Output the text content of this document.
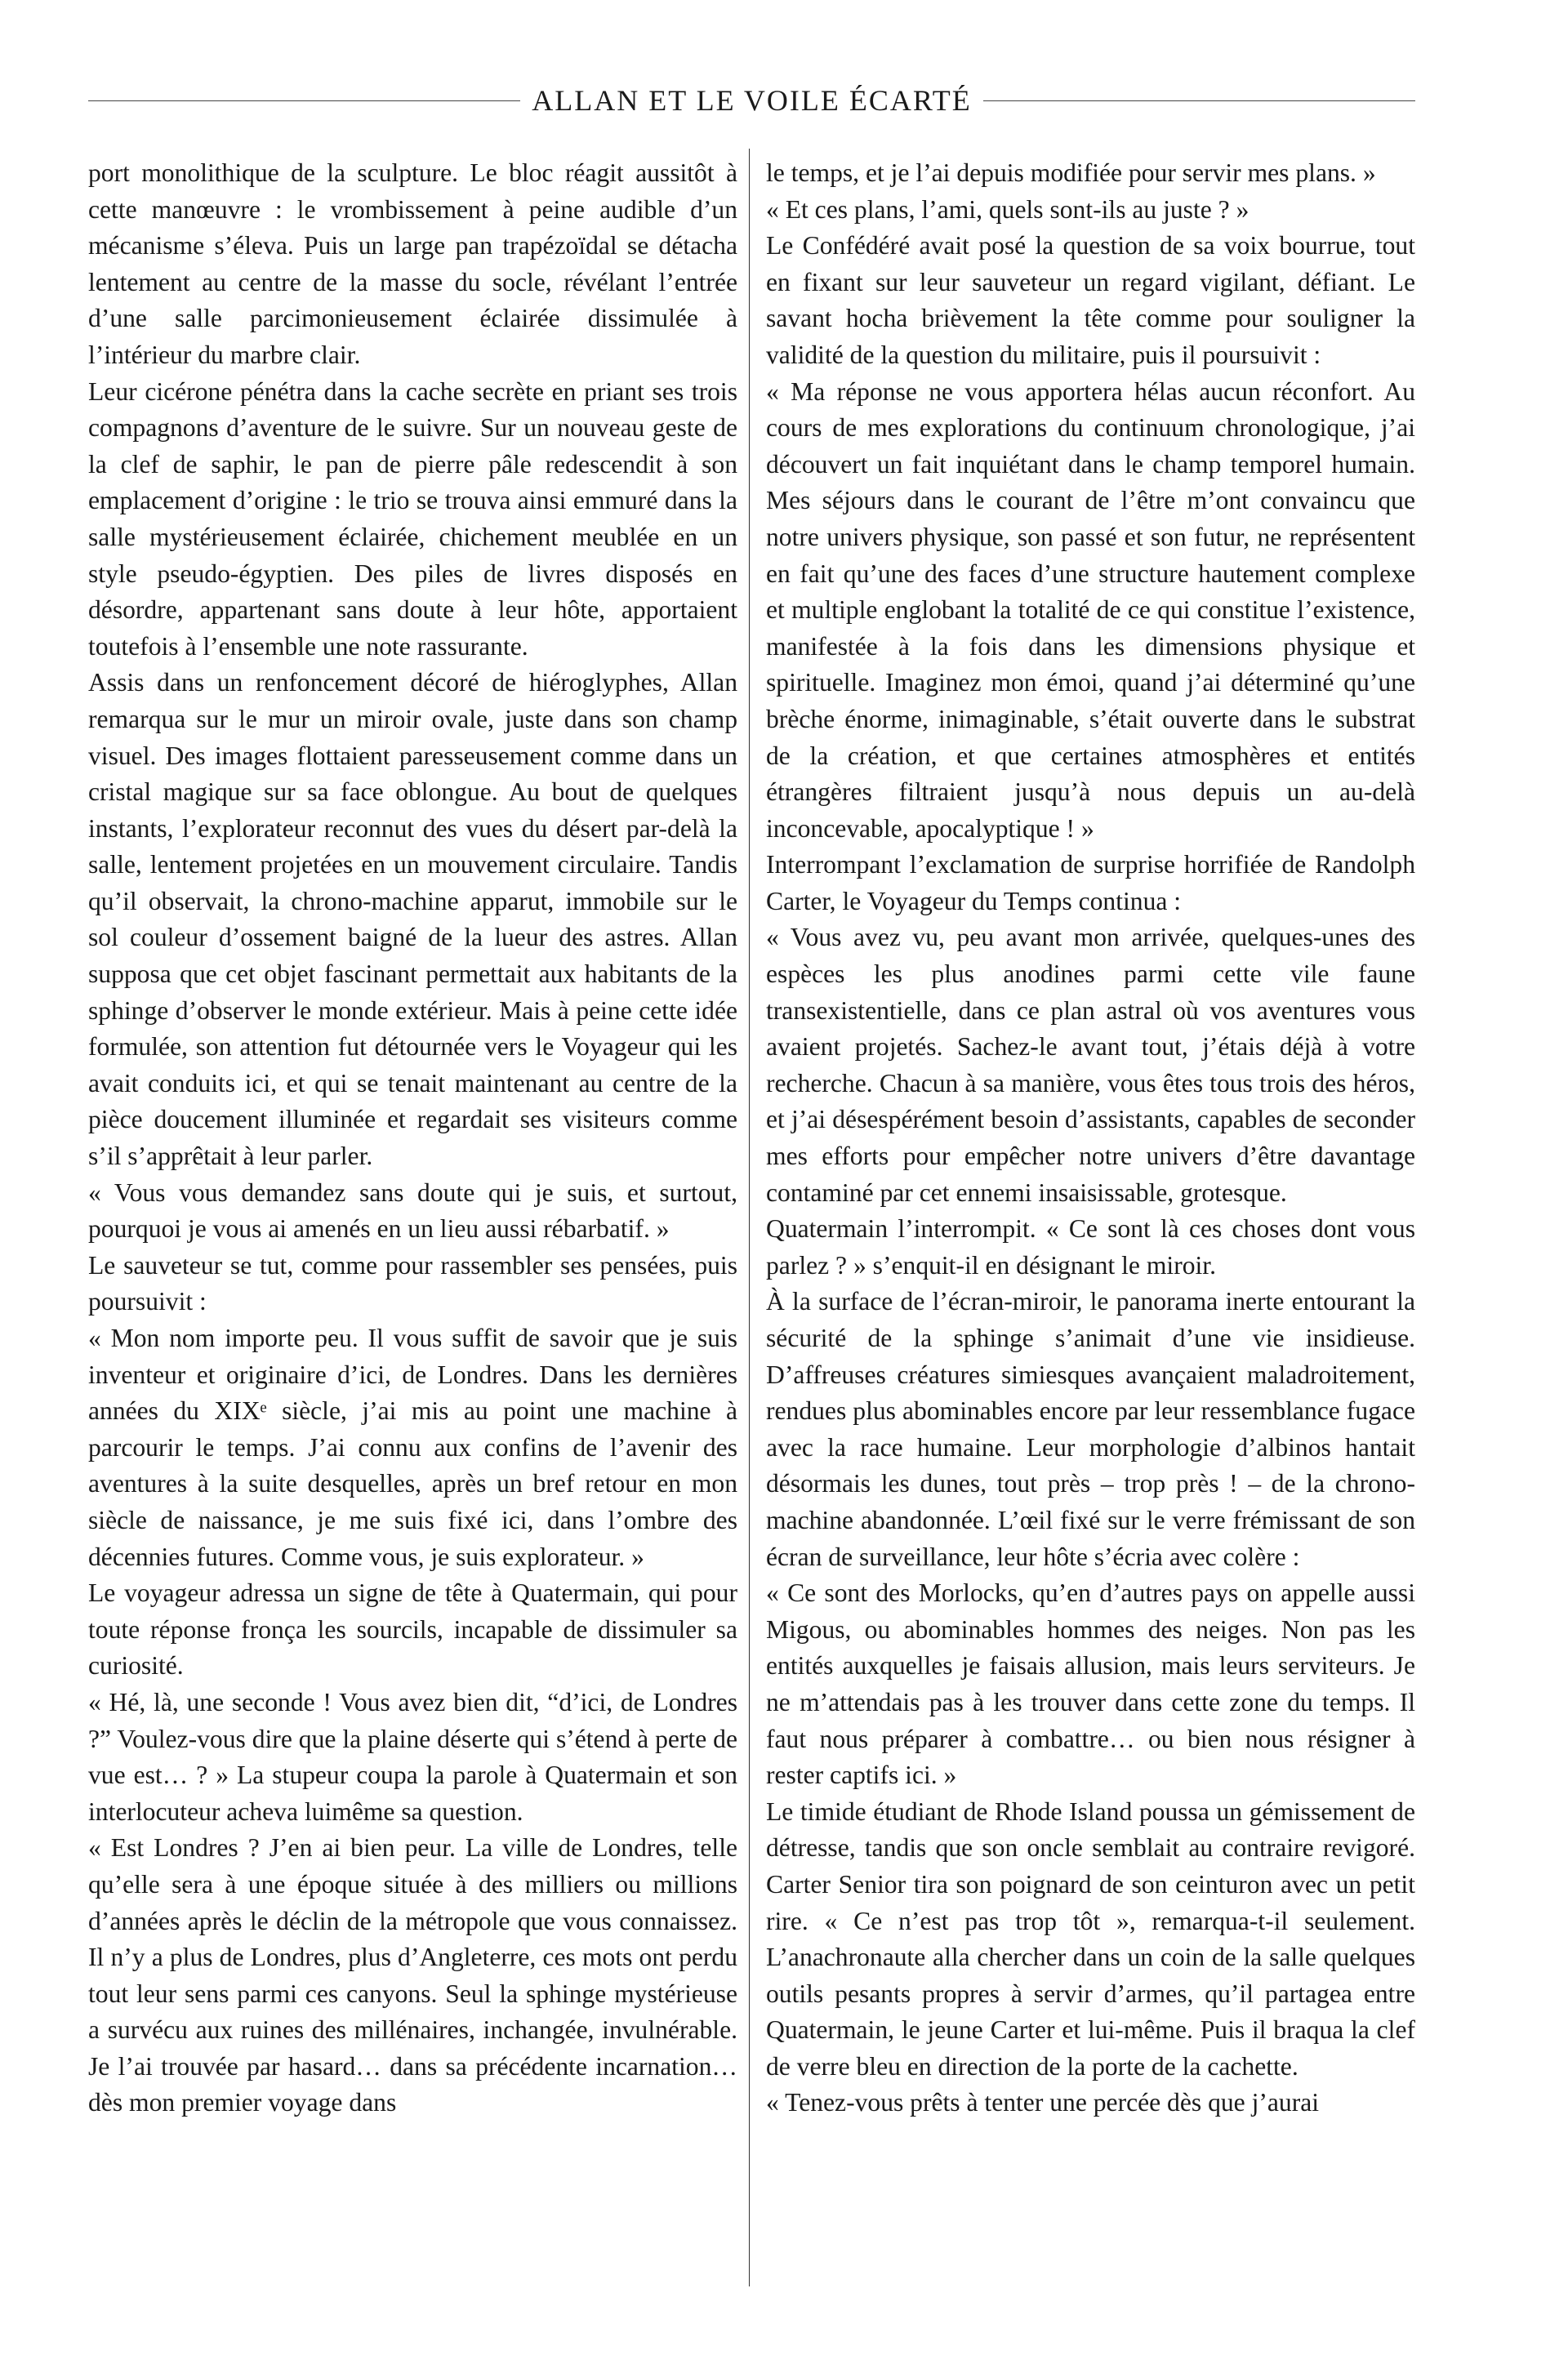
ALLAN ET LE VOILE ÉCARTÉ

port monolithique de la sculpture. Le bloc réagit aussitôt à cette manœuvre : le vrombissement à peine audible d’un mécanisme s’éleva. Puis un large pan trapézoïdal se détacha lentement au centre de la masse du socle, révélant l’entrée d’une salle parcimonieusement éclairée dissimulée à l’intérieur du marbre clair.

Leur cicérone pénétra dans la cache secrète en priant ses trois compagnons d’aventure de le suivre. Sur un nouveau geste de la clef de saphir, le pan de pierre pâle redescendit à son emplacement d’origine : le trio se trouva ainsi emmuré dans la salle mystérieusement éclairée, chichement meublée en un style pseudo-égyptien. Des piles de livres disposés en désordre, appartenant sans doute à leur hôte, apportaient toutefois à l’ensemble une note rassurante.

Assis dans un renfoncement décoré de hiéroglyphes, Allan remarqua sur le mur un miroir ovale, juste dans son champ visuel. Des images flottaient paresseusement comme dans un cristal magique sur sa face oblongue. Au bout de quelques instants, l’explorateur reconnut des vues du désert par-delà la salle, lentement projetées en un mouvement circulaire. Tandis qu’il observait, la chrono-machine apparut, immobile sur le sol couleur d’ossement baigné de la lueur des astres. Allan supposa que cet objet fascinant permettait aux habitants de la sphinge d’observer le monde extérieur. Mais à peine cette idée formulée, son attention fut détournée vers le Voyageur qui les avait conduits ici, et qui se tenait maintenant au centre de la pièce doucement illuminée et regardait ses visiteurs comme s’il s’apprêtait à leur parler.

« Vous vous demandez sans doute qui je suis, et surtout, pourquoi je vous ai amenés en un lieu aussi rébarbatif. »

Le sauveteur se tut, comme pour rassembler ses pensées, puis poursuivit :

« Mon nom importe peu. Il vous suffit de savoir que je suis inventeur et originaire d’ici, de Londres. Dans les dernières années du XIXᵉ siècle, j’ai mis au point une machine à parcourir le temps. J’ai connu aux confins de l’avenir des aventures à la suite desquelles, après un bref retour en mon siècle de naissance, je me suis fixé ici, dans l’ombre des décennies futures. Comme vous, je suis explorateur. »

Le voyageur adressa un signe de tête à Quatermain, qui pour toute réponse fronça les sourcils, incapable de dissimuler sa curiosité.

« Hé, là, une seconde ! Vous avez bien dit, “d’ici, de Londres ?” Voulez-vous dire que la plaine déserte qui s’étend à perte de vue est… ? » La stupeur coupa la parole à Quatermain et son interlocuteur acheva luimême sa question.

« Est Londres ? J’en ai bien peur. La ville de Londres, telle qu’elle sera à une époque située à des milliers ou millions d’années après le déclin de la métropole que vous connaissez. Il n’y a plus de Londres, plus d’Angleterre, ces mots ont perdu tout leur sens parmi ces canyons. Seul la sphinge mystérieuse a survécu aux ruines des millénaires, inchangée, invulnérable. Je l’ai trouvée par hasard… dans sa précédente incarnation… dès mon premier voyage dans

le temps, et je l’ai depuis modifiée pour servir mes plans. »

« Et ces plans, l’ami, quels sont-ils au juste ? »

Le Confédéré avait posé la question de sa voix bourrue, tout en fixant sur leur sauveteur un regard vigilant, défiant. Le savant hocha brièvement la tête comme pour souligner la validité de la question du militaire, puis il poursuivit :

« Ma réponse ne vous apportera hélas aucun réconfort. Au cours de mes explorations du continuum chronologique, j’ai découvert un fait inquiétant dans le champ temporel humain. Mes séjours dans le courant de l’être m’ont convaincu que notre univers physique, son passé et son futur, ne représentent en fait qu’une des faces d’une structure hautement complexe et multiple englobant la totalité de ce qui constitue l’existence, manifestée à la fois dans les dimensions physique et spirituelle. Imaginez mon émoi, quand j’ai déterminé qu’une brèche énorme, inimaginable, s’était ouverte dans le substrat de la création, et que certaines atmosphères et entités étrangères filtraient jusqu’à nous depuis un au-delà inconcevable, apocalyptique ! »

Interrompant l’exclamation de surprise horrifiée de Randolph Carter, le Voyageur du Temps continua :

« Vous avez vu, peu avant mon arrivée, quelques-unes des espèces les plus anodines parmi cette vile faune transexistentielle, dans ce plan astral où vos aventures vous avaient projetés. Sachez-le avant tout, j’étais déjà à votre recherche. Chacun à sa manière, vous êtes tous trois des héros, et j’ai désespérément besoin d’assistants, capables de seconder mes efforts pour empêcher notre univers d’être davantage contaminé par cet ennemi insaisissable, grotesque.

Quatermain l’interrompit. « Ce sont là ces choses dont vous parlez ? » s’enquit-il en désignant le miroir.

À la surface de l’écran-miroir, le panorama inerte entourant la sécurité de la sphinge s’animait d’une vie insidieuse. D’affreuses créatures simiesques avançaient maladroitement, rendues plus abominables encore par leur ressemblance fugace avec la race humaine. Leur morphologie d’albinos hantait désormais les dunes, tout près – trop près ! – de la chrono-machine abandonnée. L’œil fixé sur le verre frémissant de son écran de surveillance, leur hôte s’écria avec colère :

« Ce sont des Morlocks, qu’en d’autres pays on appelle aussi Migous, ou abominables hommes des neiges. Non pas les entités auxquelles je faisais allusion, mais leurs serviteurs. Je ne m’attendais pas à les trouver dans cette zone du temps. Il faut nous préparer à combattre… ou bien nous résigner à rester captifs ici. »

Le timide étudiant de Rhode Island poussa un gémissement de détresse, tandis que son oncle semblait au contraire revigoré. Carter Senior tira son poignard de son ceinturon avec un petit rire. « Ce n’est pas trop tôt », remarqua-t-il seulement. L’anachronaute alla chercher dans un coin de la salle quelques outils pesants propres à servir d’armes, qu’il partagea entre Quatermain, le jeune Carter et lui-même. Puis il braqua la clef de verre bleu en direction de la porte de la cachette.

« Tenez-vous prêts à tenter une percée dès que j’aurai
